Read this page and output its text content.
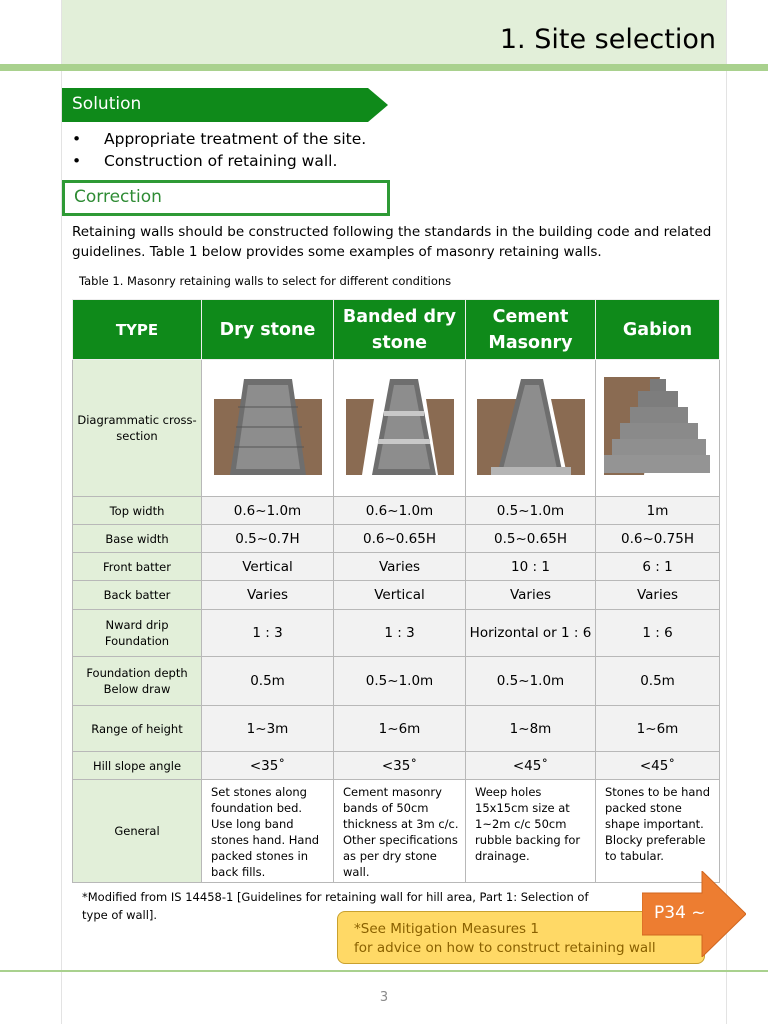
1. Site selection
Solution
• Appropriate treatment of the site.
• Construction of retaining wall.
Correction
Retaining walls should be constructed following the standards in the building code and related guidelines. Table 1 below provides some examples of masonry retaining walls.
Table 1. Masonry retaining walls to select for different conditions
TYPE	Dry stone	Banded dry stone	Cement Masonry	Gabion
Diagrammatic cross-section				
Top width	0.6~1.0m	0.6~1.0m	0.5~1.0m	1m
Base width	0.5~0.7H	0.6~0.65H	0.5~0.65H	0.6~0.75H
Front batter	Vertical	Varies	10 : 1	6 : 1
Back batter	Varies	Vertical	Varies	Varies
Nward drip Foundation	1 : 3	1 : 3	Horizontal or 1 : 6	1 : 6
Foundation depth Below draw	0.5m	0.5~1.0m	0.5~1.0m	0.5m
Range of height	1~3m	1~6m	1~8m	1~6m
Hill slope angle	<35˚	<35˚	<45˚	<45˚
General	Set stones along foundation bed. Use long band stones hand. Hand packed stones in back fills.	Cement masonry bands of 50cm thickness at 3m c/c. Other specifications as per dry stone wall.	Weep holes 15x15cm size at 1~2m c/c 50cm rubble backing for drainage.	Stones to be hand packed stone shape important. Blocky preferable to tabular.
*Modified from IS 14458-1 [Guidelines for retaining wall for hill area, Part 1: Selection of type of wall].
*See Mitigation Measures 1
for advice on how to construct retaining wall
P34 ~
3
